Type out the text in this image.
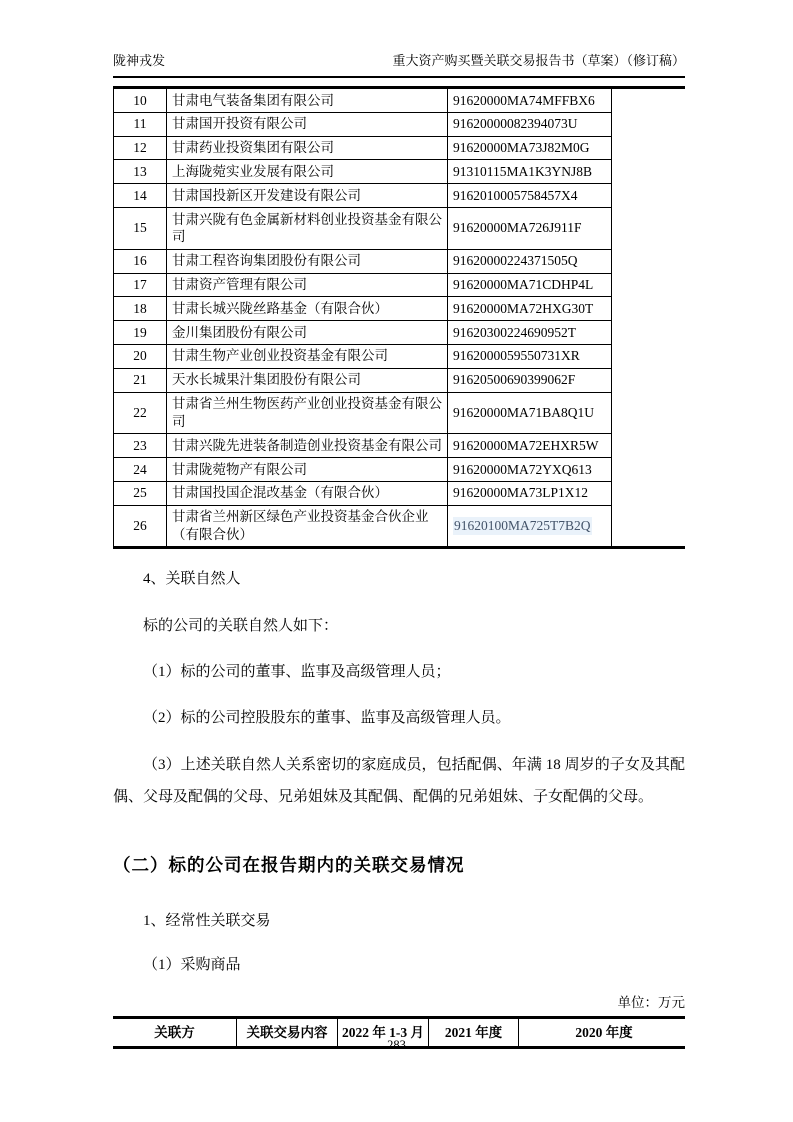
陇神戎发	重大资产购买暨关联交易报告书（草案）（修订稿）
10	甘肃电气装备集团有限公司	91620000MA74MFFBX6
11	甘肃国开投资有限公司	91620000082394073U
12	甘肃药业投资集团有限公司	91620000MA73J82M0G
13	上海陇菀实业发展有限公司	91310115MA1K3YNJ8B
14	甘肃国投新区开发建设有限公司	9162010005758457X4
15	甘肃兴陇有色金属新材料创业投资基金有限公司	91620000MA726J911F
16	甘肃工程咨询集团股份有限公司	91620000224371505Q
17	甘肃资产管理有限公司	91620000MA71CDHP4L
18	甘肃长城兴陇丝路基金（有限合伙）	91620000MA72HXG30T
19	金川集团股份有限公司	91620300224690952T
20	甘肃生物产业创业投资基金有限公司	9162000059550731XR
21	天水长城果汁集团股份有限公司	91620500690399062F
22	甘肃省兰州生物医药产业创业投资基金有限公司	91620000MA71BA8Q1U
23	甘肃兴陇先进装备制造创业投资基金有限公司	91620000MA72EHXR5W
24	甘肃陇菀物产有限公司	91620000MA72YXQ613
25	甘肃国投国企混改基金（有限合伙）	91620000MA73LP1X12
26	甘肃省兰州新区绿色产业投资基金合伙企业（有限合伙）	91620100MA725T7B2Q

4、关联自然人

标的公司的关联自然人如下：

（1）标的公司的董事、监事及高级管理人员；

（2）标的公司控股股东的董事、监事及高级管理人员。

（3）上述关联自然人关系密切的家庭成员，包括配偶、年满 18 周岁的子女及其配偶、父母及配偶的父母、兄弟姐妹及其配偶、配偶的兄弟姐妹、子女配偶的父母。

（二）标的公司在报告期内的关联交易情况

1、经常性关联交易

（1）采购商品

单位：万元
关联方	关联交易内容	2022 年 1-3 月	2021 年度	2020 年度
283
